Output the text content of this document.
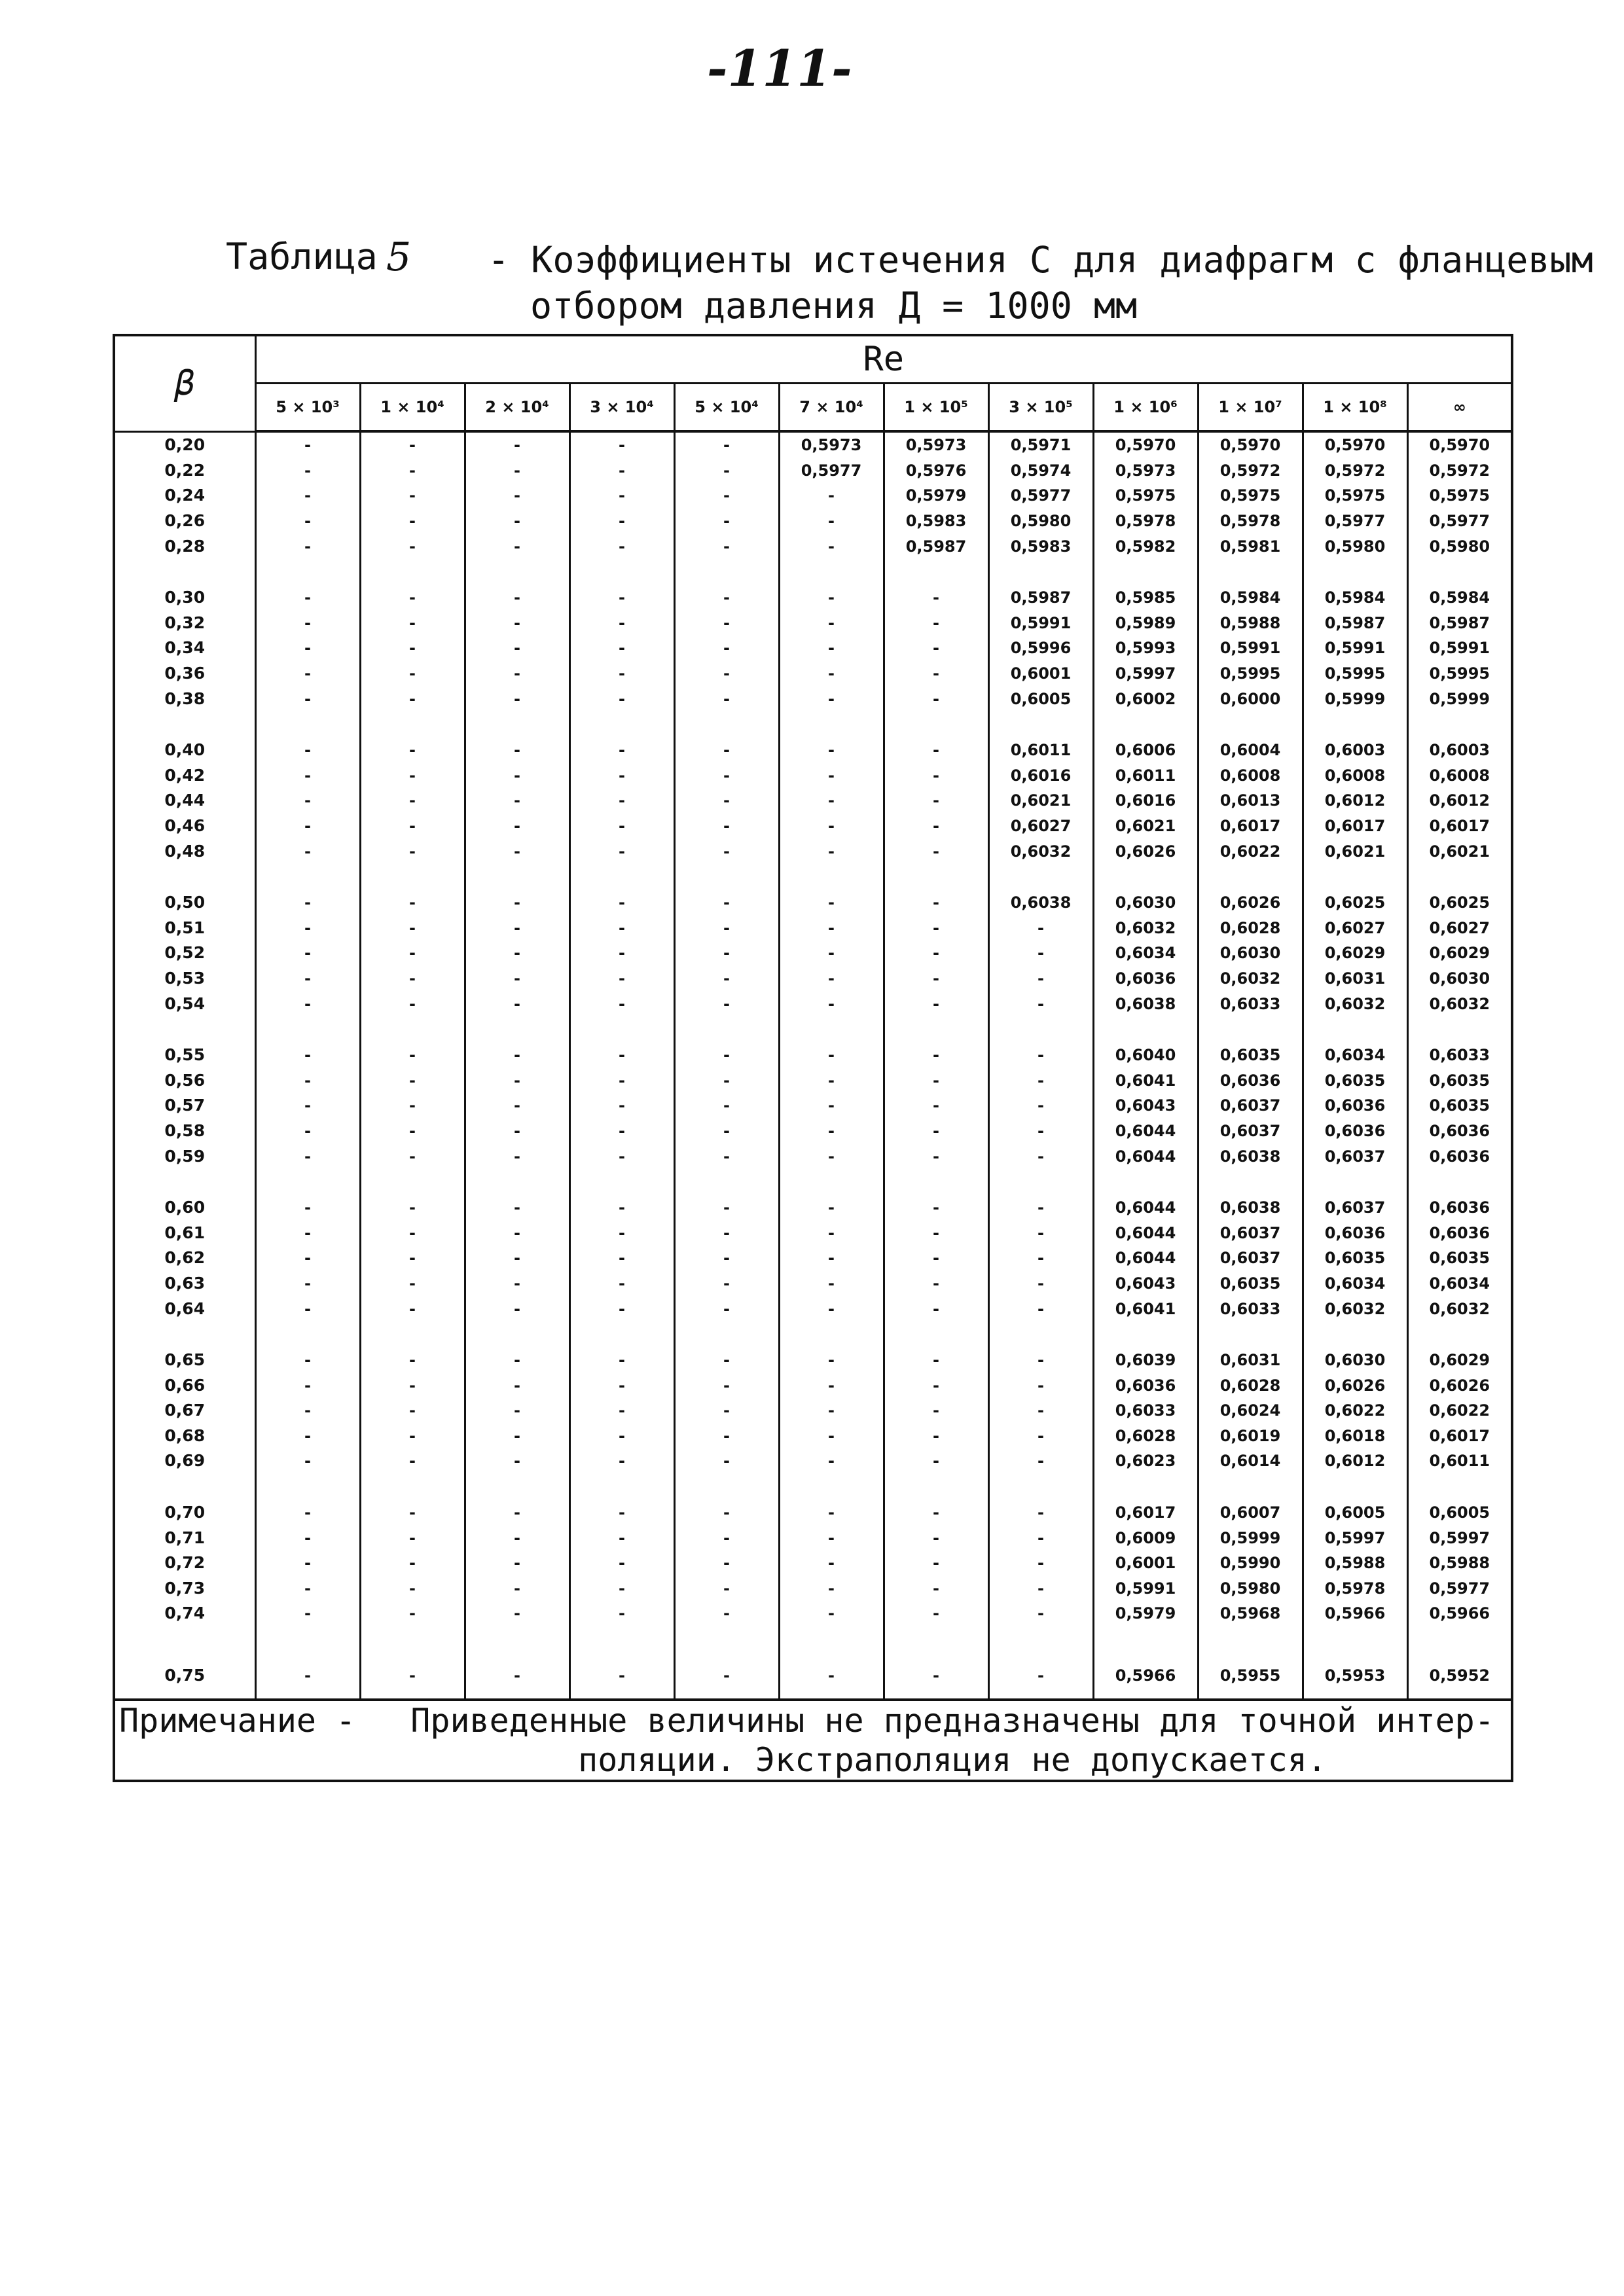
-111-
Таблица 5 - Коэффициенты истечения C для диафрагм с фланцевым
отбором давления Д = 1000 мм
β	Re											
	5 × 10³	1 × 10⁴	2 × 10⁴	3 × 10⁴	5 × 10⁴	7 × 10⁴	1 × 10⁵	3 × 10⁵	1 × 10⁶	1 × 10⁷	1 × 10⁸	∞
0,20	-	-	-	-	-	0,5973	0,5973	0,5971	0,5970	0,5970	0,5970	0,5970
0,22	-	-	-	-	-	0,5977	0,5976	0,5974	0,5973	0,5972	0,5972	0,5972
0,24	-	-	-	-	-	-	0,5979	0,5977	0,5975	0,5975	0,5975	0,5975
0,26	-	-	-	-	-	-	0,5983	0,5980	0,5978	0,5978	0,5977	0,5977
0,28	-	-	-	-	-	-	0,5987	0,5983	0,5982	0,5981	0,5980	0,5980

0,30	-	-	-	-	-	-	-	0,5987	0,5985	0,5984	0,5984	0,5984
0,32	-	-	-	-	-	-	-	0,5991	0,5989	0,5988	0,5987	0,5987
0,34	-	-	-	-	-	-	-	0,5996	0,5993	0,5991	0,5991	0,5991
0,36	-	-	-	-	-	-	-	0,6001	0,5997	0,5995	0,5995	0,5995
0,38	-	-	-	-	-	-	-	0,6005	0,6002	0,6000	0,5999	0,5999

0,40	-	-	-	-	-	-	-	0,6011	0,6006	0,6004	0,6003	0,6003
0,42	-	-	-	-	-	-	-	0,6016	0,6011	0,6008	0,6008	0,6008
0,44	-	-	-	-	-	-	-	0,6021	0,6016	0,6013	0,6012	0,6012
0,46	-	-	-	-	-	-	-	0,6027	0,6021	0,6017	0,6017	0,6017
0,48	-	-	-	-	-	-	-	0,6032	0,6026	0,6022	0,6021	0,6021

0,50	-	-	-	-	-	-	-	0,6038	0,6030	0,6026	0,6025	0,6025
0,51	-	-	-	-	-	-	-	-	0,6032	0,6028	0,6027	0,6027
0,52	-	-	-	-	-	-	-	-	0,6034	0,6030	0,6029	0,6029
0,53	-	-	-	-	-	-	-	-	0,6036	0,6032	0,6031	0,6030
0,54	-	-	-	-	-	-	-	-	0,6038	0,6033	0,6032	0,6032

0,55	-	-	-	-	-	-	-	-	0,6040	0,6035	0,6034	0,6033
0,56	-	-	-	-	-	-	-	-	0,6041	0,6036	0,6035	0,6035
0,57	-	-	-	-	-	-	-	-	0,6043	0,6037	0,6036	0,6035
0,58	-	-	-	-	-	-	-	-	0,6044	0,6037	0,6036	0,6036
0,59	-	-	-	-	-	-	-	-	0,6044	0,6038	0,6037	0,6036

0,60	-	-	-	-	-	-	-	-	0,6044	0,6038	0,6037	0,6036
0,61	-	-	-	-	-	-	-	-	0,6044	0,6037	0,6036	0,6036
0,62	-	-	-	-	-	-	-	-	0,6044	0,6037	0,6035	0,6035
0,63	-	-	-	-	-	-	-	-	0,6043	0,6035	0,6034	0,6034
0,64	-	-	-	-	-	-	-	-	0,6041	0,6033	0,6032	0,6032

0,65	-	-	-	-	-	-	-	-	0,6039	0,6031	0,6030	0,6029
0,66	-	-	-	-	-	-	-	-	0,6036	0,6028	0,6026	0,6026
0,67	-	-	-	-	-	-	-	-	0,6033	0,6024	0,6022	0,6022
0,68	-	-	-	-	-	-	-	-	0,6028	0,6019	0,6018	0,6017
0,69	-	-	-	-	-	-	-	-	0,6023	0,6014	0,6012	0,6011

0,70	-	-	-	-	-	-	-	-	0,6017	0,6007	0,6005	0,6005
0,71	-	-	-	-	-	-	-	-	0,6009	0,5999	0,5997	0,5997
0,72	-	-	-	-	-	-	-	-	0,6001	0,5990	0,5988	0,5988
0,73	-	-	-	-	-	-	-	-	0,5991	0,5980	0,5978	0,5977
0,74	-	-	-	-	-	-	-	-	0,5979	0,5968	0,5966	0,5966

0,75	-	-	-	-	-	-	-	-	0,5966	0,5955	0,5953	0,5952

Примечание - Приведенные величины не предназначены для точной интер-
поляции. Экстраполяция не допускается.												
